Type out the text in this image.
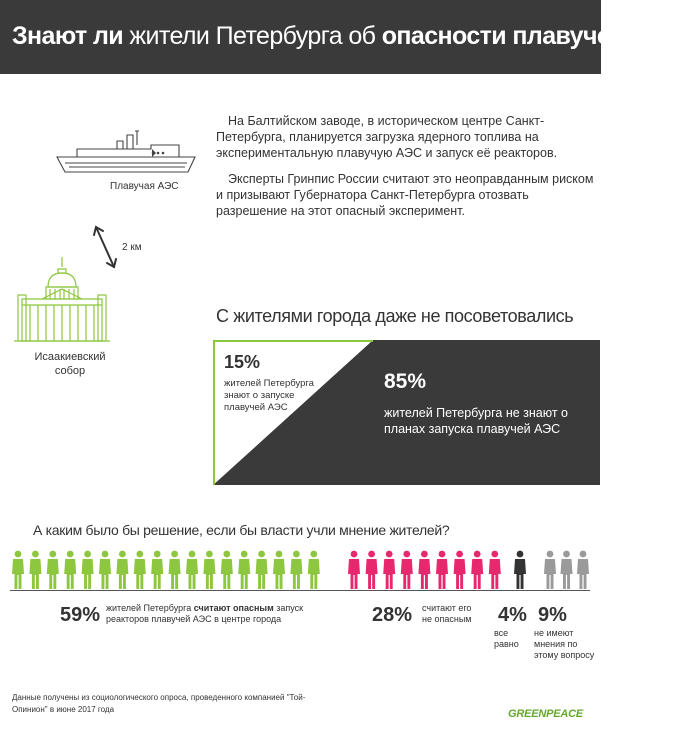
Знают ли жители Петербурга об опасности плавучей АЭС?
Плавучая АЭС
2 км
Исаакиевский собор

На Балтийском заводе, в историческом центре Санкт-Петербурга, планируется загрузка ядерного топлива на экспериментальную плавучую АЭС и запуск её реакторов.

Эксперты Гринпис России считают это неоправданным риском и призывают Губернатора Санкт-Петербурга отозвать разрешение на этот опасный эксперимент.

С жителями города даже не посоветовались
15%
жителей Петербурга знают о запуске плавучей АЭС
85%
жителей Петербурга не знают о планах запуска плавучей АЭС
А каким было бы решение, если бы власти учли мнение жителей?
59% жителей Петербурга считают опасным запуск реакторов плавучей АЭС в центре города	28% считают его не опасным 4%
все равно
9%
не имеют мнения по этому вопросу
Данные получены из социологического опроса, проведенного компанией "Той-Опинион" в июне 2017 года	GREENPEACE
